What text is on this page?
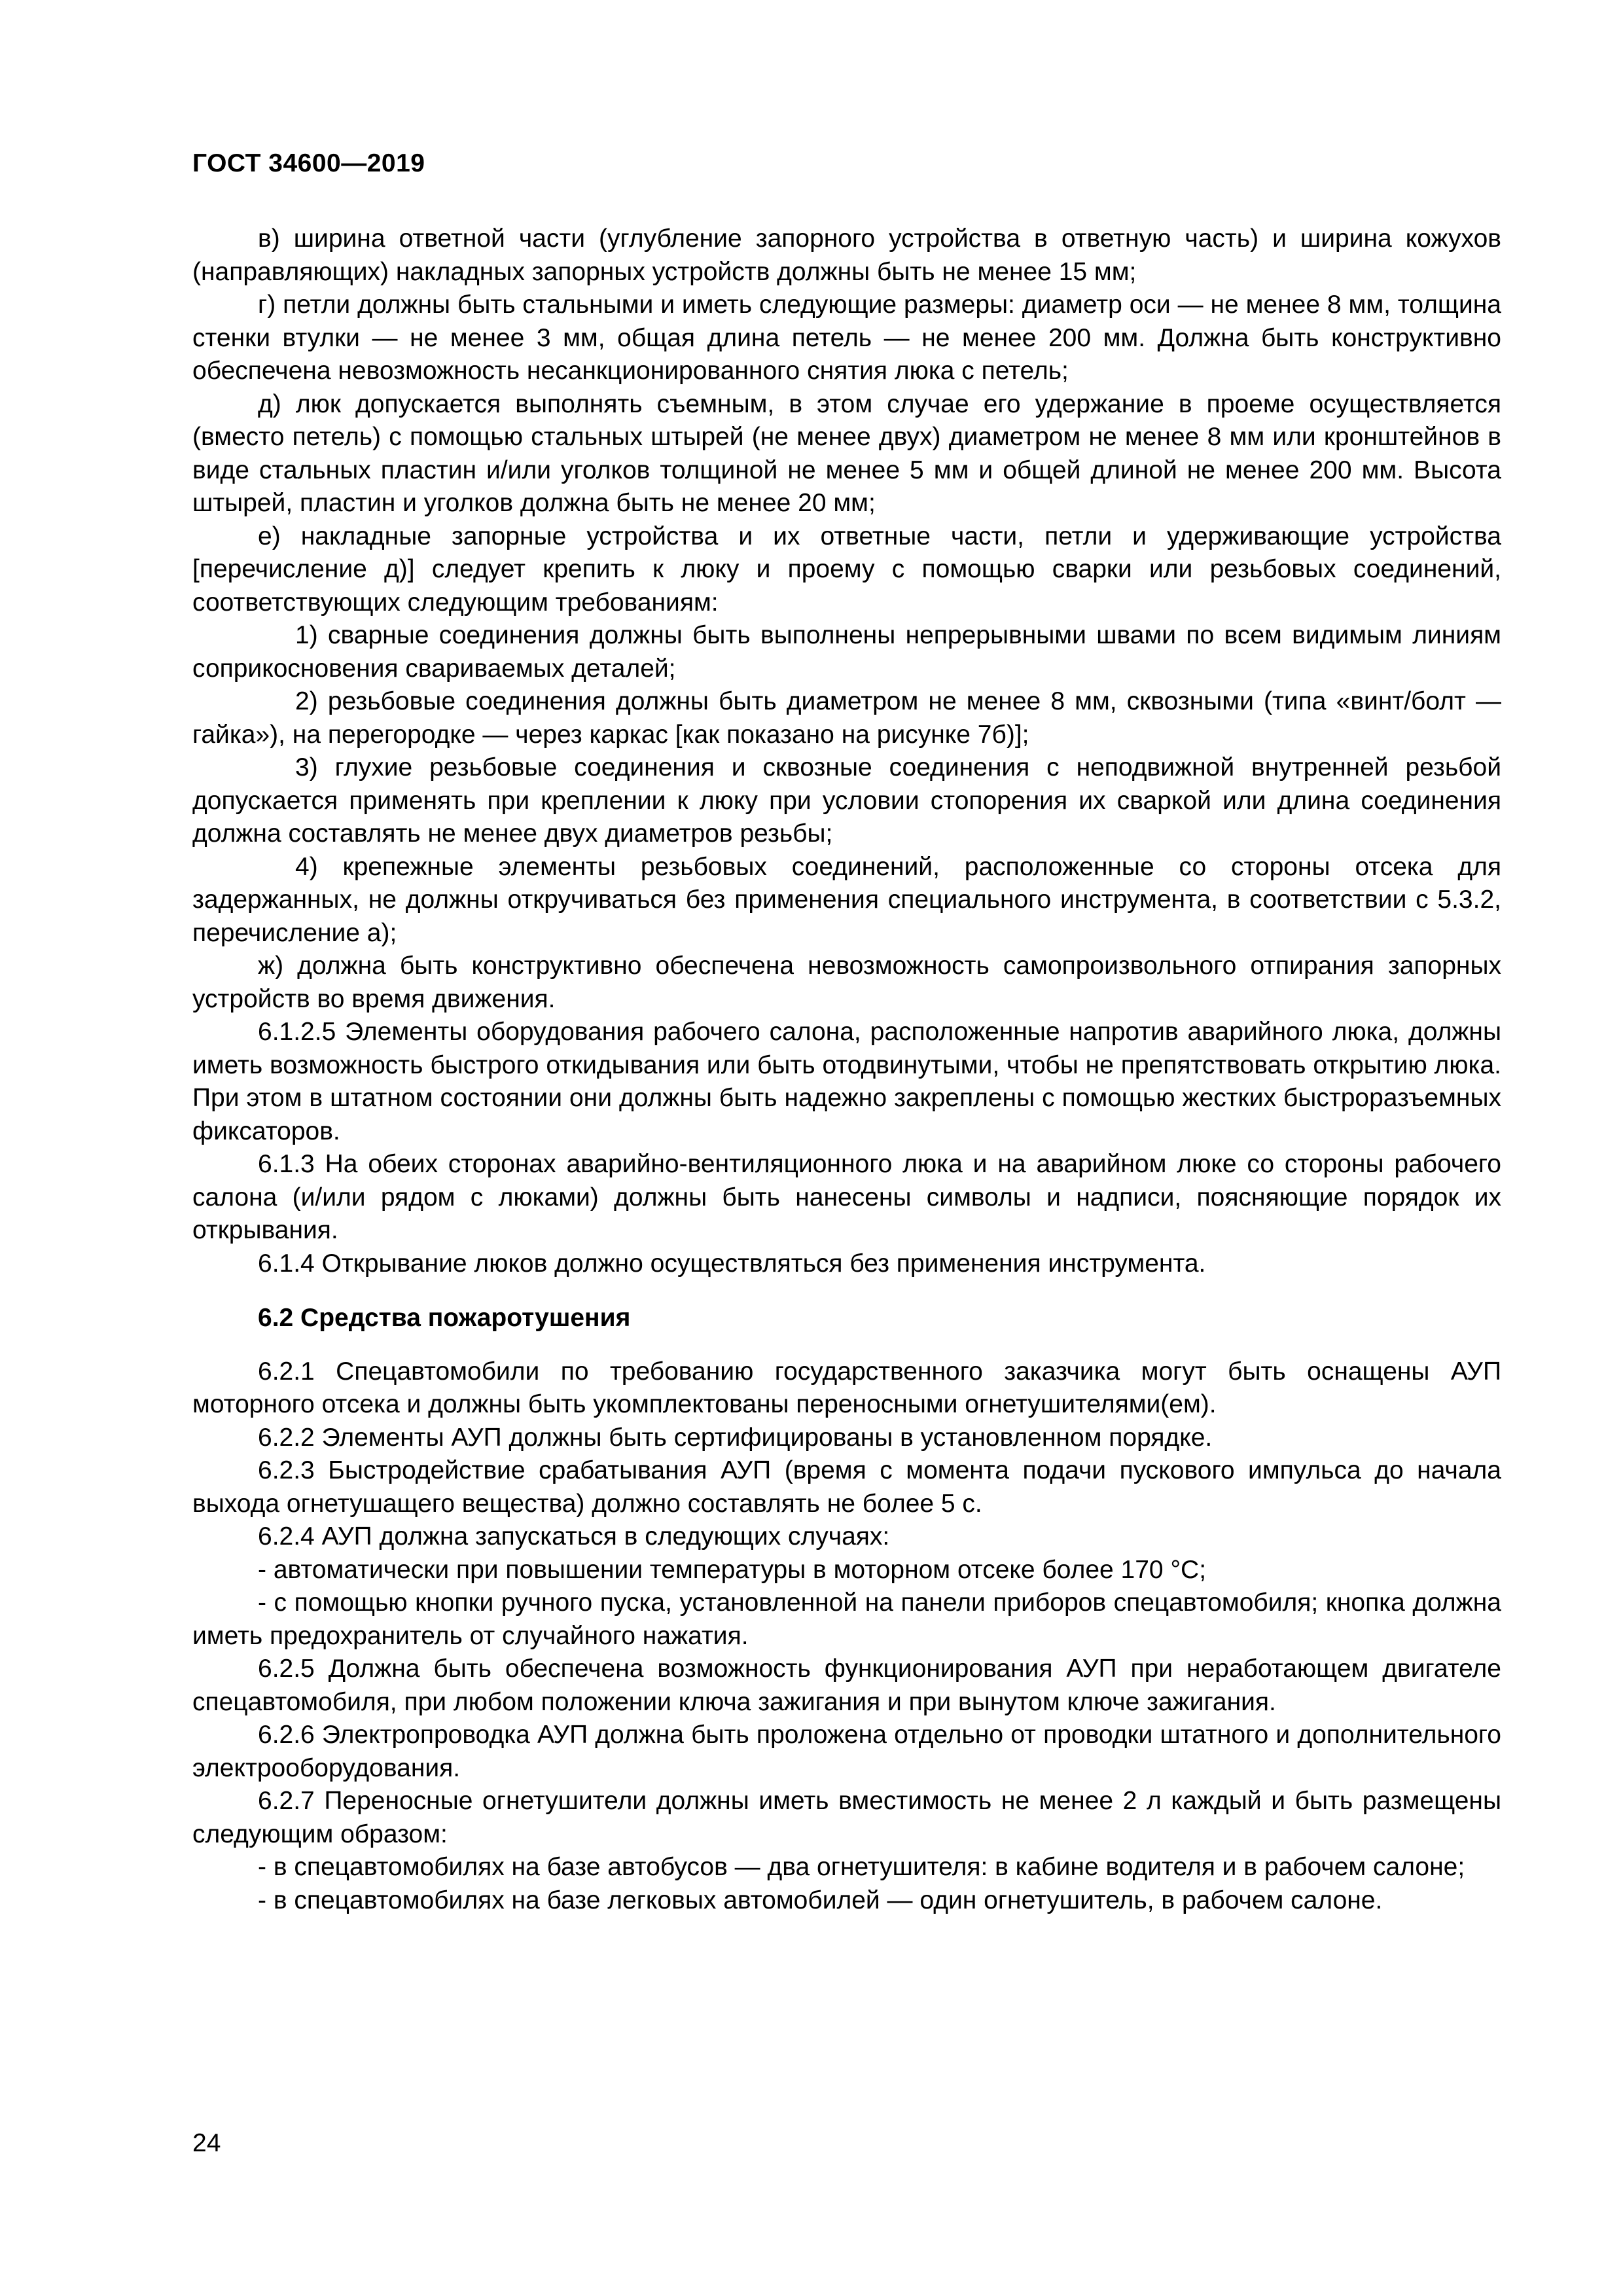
ГОСТ 34600—2019

в) ширина ответной части (углубление запорного устройства в ответную часть) и ширина кожухов (направляющих) накладных запорных устройств должны быть не менее 15 мм;

г) петли должны быть стальными и иметь следующие размеры: диаметр оси — не менее 8 мм, толщина стенки втулки — не менее 3 мм, общая длина петель — не менее 200 мм. Должна быть конструктивно обеспечена невозможность несанкционированного снятия люка с петель;

д) люк допускается выполнять съемным, в этом случае его удержание в проеме осуществляется (вместо петель) с помощью стальных штырей (не менее двух) диаметром не менее 8 мм или кронштейнов в виде стальных пластин и/или уголков толщиной не менее 5 мм и общей длиной не менее 200 мм. Высота штырей, пластин и уголков должна быть не менее 20 мм;

е) накладные запорные устройства и их ответные части, петли и удерживающие устройства [перечисление д)] следует крепить к люку и проему с помощью сварки или резьбовых соединений, соответствующих следующим требованиям:

1) сварные соединения должны быть выполнены непрерывными швами по всем видимым линиям соприкосновения свариваемых деталей;

2) резьбовые соединения должны быть диаметром не менее 8 мм, сквозными (типа «винт/болт — гайка»), на перегородке — через каркас [как показано на рисунке 7б)];

3) глухие резьбовые соединения и сквозные соединения с неподвижной внутренней резьбой допускается применять при креплении к люку при условии стопорения их сваркой или длина соединения должна составлять не менее двух диаметров резьбы;

4) крепежные элементы резьбовых соединений, расположенные со стороны отсека для задержанных, не должны откручиваться без применения специального инструмента, в соответствии с 5.3.2, перечисление а);

ж) должна быть конструктивно обеспечена невозможность самопроизвольного отпирания запорных устройств во время движения.

6.1.2.5 Элементы оборудования рабочего салона, расположенные напротив аварийного люка, должны иметь возможность быстрого откидывания или быть отодвинутыми, чтобы не препятствовать открытию люка. При этом в штатном состоянии они должны быть надежно закреплены с помощью жестких быстроразъемных фиксаторов.

6.1.3 На обеих сторонах аварийно-вентиляционного люка и на аварийном люке со стороны рабочего салона (и/или рядом с люками) должны быть нанесены символы и надписи, поясняющие порядок их открывания.

6.1.4 Открывание люков должно осуществляться без применения инструмента.

6.2 Средства пожаротушения

6.2.1 Спецавтомобили по требованию государственного заказчика могут быть оснащены АУП моторного отсека и должны быть укомплектованы переносными огнетушителями(ем).

6.2.2 Элементы АУП должны быть сертифицированы в установленном порядке.

6.2.3 Быстродействие срабатывания АУП (время с момента подачи пускового импульса до начала выхода огнетушащего вещества) должно составлять не более 5 с.

6.2.4 АУП должна запускаться в следующих случаях:

- автоматически при повышении температуры в моторном отсеке более 170 °С;

- с помощью кнопки ручного пуска, установленной на панели приборов спецавтомобиля; кнопка должна иметь предохранитель от случайного нажатия.

6.2.5 Должна быть обеспечена возможность функционирования АУП при неработающем двигателе спецавтомобиля, при любом положении ключа зажигания и при вынутом ключе зажигания.

6.2.6 Электропроводка АУП должна быть проложена отдельно от проводки штатного и дополнительного электрооборудования.

6.2.7 Переносные огнетушители должны иметь вместимость не менее 2 л каждый и быть размещены следующим образом:

- в спецавтомобилях на базе автобусов — два огнетушителя: в кабине водителя и в рабочем салоне;

- в спецавтомобилях на базе легковых автомобилей — один огнетушитель, в рабочем салоне.

24
